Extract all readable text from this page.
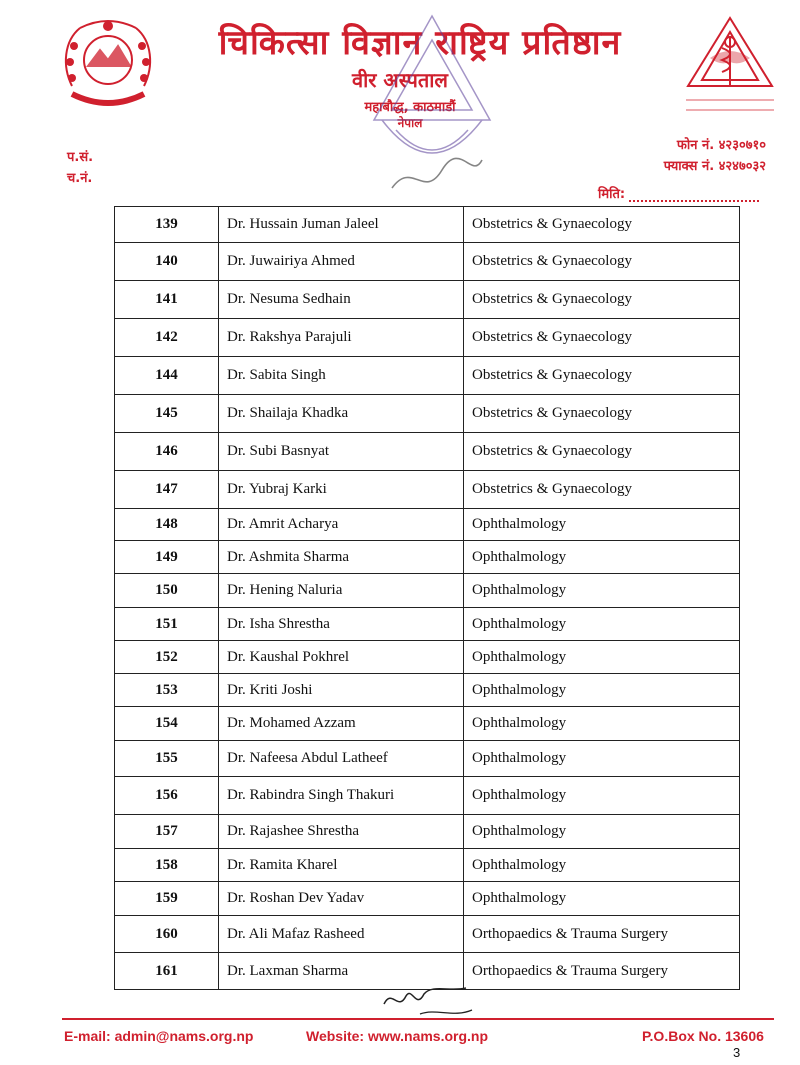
चिकित्सा विज्ञान राष्ट्रिय प्रतिष्ठान
वीर अस्पताल
महाबौद्ध, काठमाडौं
नेपाल
प.सं.
च.नं.
फोन नं. ४२३०७१०
फ्याक्स नं. ४२४७०३२
मिति:
139	Dr. Hussain Juman Jaleel	Obstetrics & Gynaecology
140	Dr. Juwairiya Ahmed	Obstetrics & Gynaecology
141	Dr. Nesuma Sedhain	Obstetrics & Gynaecology
142	Dr. Rakshya Parajuli	Obstetrics & Gynaecology
144	Dr. Sabita Singh	Obstetrics & Gynaecology
145	Dr. Shailaja Khadka	Obstetrics & Gynaecology
146	Dr. Subi Basnyat	Obstetrics & Gynaecology
147	Dr. Yubraj Karki	Obstetrics & Gynaecology
148	Dr. Amrit Acharya	Ophthalmology
149	Dr. Ashmita Sharma	Ophthalmology
150	Dr. Hening Naluria	Ophthalmology
151	Dr. Isha Shrestha	Ophthalmology
152	Dr. Kaushal Pokhrel	Ophthalmology
153	Dr. Kriti Joshi	Ophthalmology
154	Dr. Mohamed Azzam	Ophthalmology
155	Dr. Nafeesa Abdul Latheef	Ophthalmology
156	Dr. Rabindra Singh Thakuri	Ophthalmology
157	Dr. Rajashee Shrestha	Ophthalmology
158	Dr. Ramita Kharel	Ophthalmology
159	Dr. Roshan Dev Yadav	Ophthalmology
160	Dr. Ali Mafaz Rasheed	Orthopaedics & Trauma Surgery
161	Dr. Laxman Sharma	Orthopaedics & Trauma Surgery
E-mail: admin@nams.org.np	Website: www.nams.org.np	P.O.Box No. 13606
3
